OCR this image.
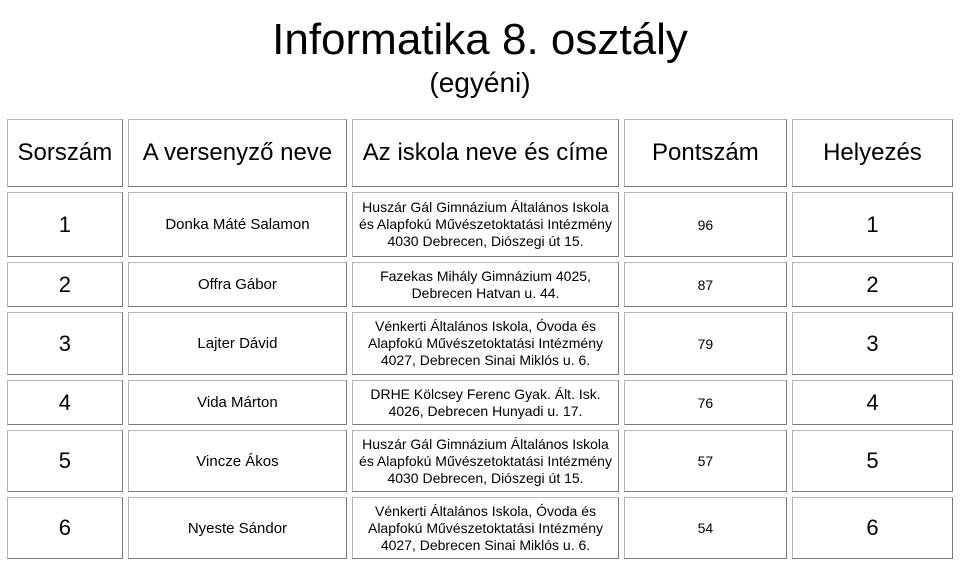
Informatika 8. osztály
(egyéni)
Sorszám	A versenyző neve	Az iskola neve és címe	Pontszám	Helyezés
1	Donka Máté Salamon	Huszár Gál Gimnázium Általános Iskola és Alapfokú Művészetoktatási Intézmény 4030 Debrecen, Diószegi út 15.	96	1
2	Offra Gábor	Fazekas Mihály Gimnázium 4025, Debrecen Hatvan u. 44.	87	2
3	Lajter Dávid	Vénkerti Általános Iskola, Óvoda és Alapfokú Művészetoktatási Intézmény 4027, Debrecen Sinai Miklós u. 6.	79	3
4	Vida Márton	DRHE Kölcsey Ferenc Gyak. Ált. Isk. 4026, Debrecen Hunyadi u. 17.	76	4
5	Vincze Ákos	Huszár Gál Gimnázium Általános Iskola és Alapfokú Művészetoktatási Intézmény 4030 Debrecen, Diószegi út 15.	57	5
6	Nyeste Sándor	Vénkerti Általános Iskola, Óvoda és Alapfokú Művészetoktatási Intézmény 4027, Debrecen Sinai Miklós u. 6.	54	6
